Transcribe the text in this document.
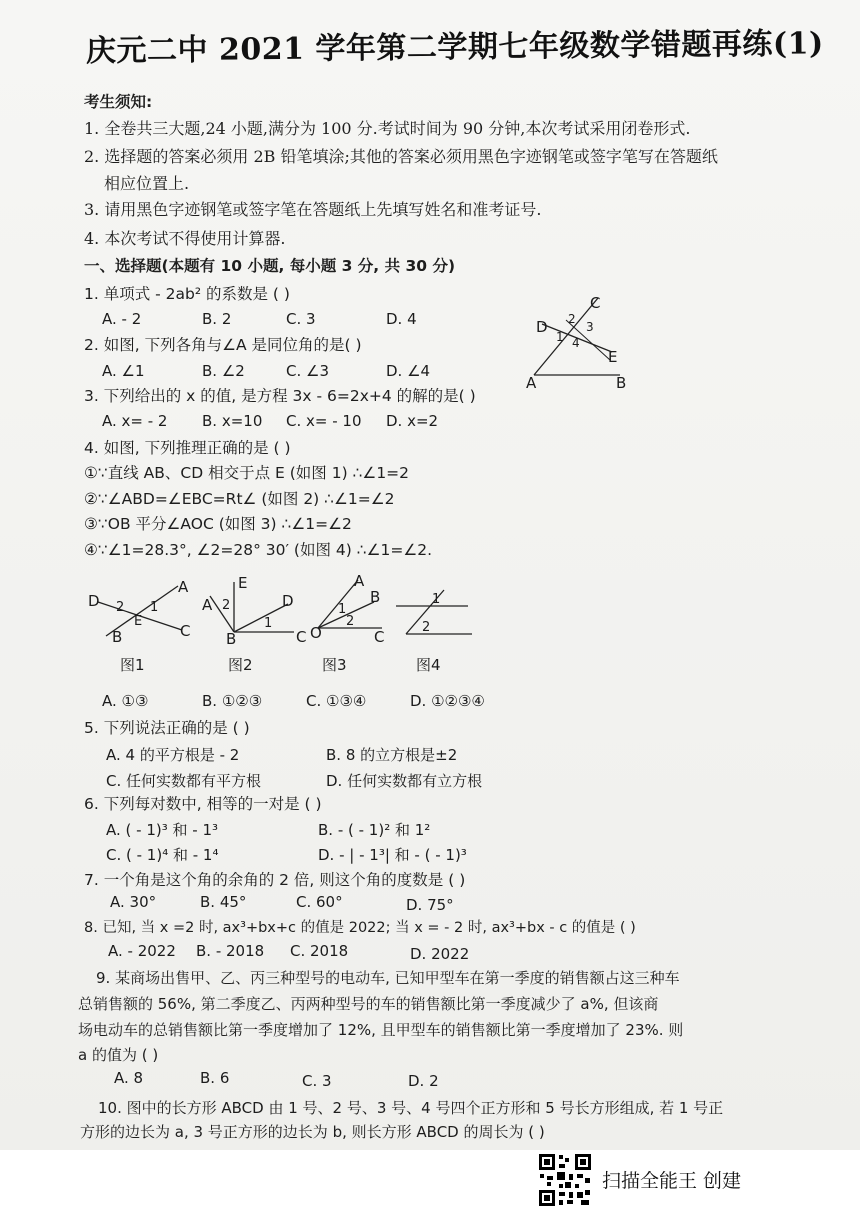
庆元二中 2021 学年第二学期七年级数学错题再练(1)
考生须知:
1. 全卷共三大题,24 小题,满分为 100 分.考试时间为 90 分钟,本次考试采用闭卷形式.
2. 选择题的答案必须用 2B 铅笔填涂;其他的答案必须用黑色字迹钢笔或签字笔写在答题纸
相应位置上.
3. 请用黑色字迹钢笔或签字笔在答题纸上先填写姓名和准考证号.
4. 本次考试不得使用计算器.
一、选择题(本题有 10 小题, 每小题 3 分, 共 30 分)
1. 单项式 - 2ab² 的系数是 ( )
A. - 2	B. 2	C. 3	D. 4
2. 如图, 下列各角与∠A 是同位角的是( )
A. ∠1	B. ∠2	C. ∠3	D. ∠4
C
D 2
3
1 4
E
A	B
3. 下列给出的 x 的值, 是方程 3x - 6=2x+4 的解的是( )
A. x= - 2 B. x=10 C. x= - 10 D. x=2
4. 如图, 下列推理正确的是 ( )
①∵直线 AB、CD 相交于点 E (如图 1) ∴∠1=2
②∵∠ABD=∠EBC=Rt∠ (如图 2) ∴∠1=∠2
③∵OB 平分∠AOC (如图 3) ∴∠1=∠2
④∵∠1=28.3°, ∠2=28° 30′ (如图 4) ∴∠1=∠2.
A
D 2 1
E
B	C
图1
E
A 2	D
1
B	C
图2
A
B
1
2
O	C
图3
1
2
图4
A. ①③	B. ①②③	C. ①③④	D. ①②③④
5. 下列说法正确的是 ( )
A. 4 的平方根是 - 2	B. 8 的立方根是±2
C. 任何实数都有平方根	D. 任何实数都有立方根
6. 下列每对数中, 相等的一对是 ( )
A. ( - 1)³ 和 - 1³	B. - ( - 1)² 和 1²
C. ( - 1)⁴ 和 - 1⁴	D. - | - 1³| 和 - ( - 1)³
7. 一个角是这个角的余角的 2 倍, 则这个角的度数是 ( )
A. 30°	B. 45°	C. 60°	D. 75°
8. 已知, 当 x =2 时, ax³+bx+c 的值是 2022; 当 x = - 2 时, ax³+bx - c 的值是 ( )
A. - 2022 B. - 2018 C. 2018	D. 2022
9. 某商场出售甲、乙、丙三种型号的电动车, 已知甲型车在第一季度的销售额占这三种车
总销售额的 56%, 第二季度乙、丙两种型号的车的销售额比第一季度减少了 a%, 但该商
场电动车的总销售额比第一季度增加了 12%, 且甲型车的销售额比第一季度增加了 23%. 则
a 的值为 ( )
A. 8	B. 6	C. 3	D. 2
10. 图中的长方形 ABCD 由 1 号、2 号、3 号、4 号四个正方形和 5 号长方形组成, 若 1 号正
方形的边长为 a, 3 号正方形的边长为 b, 则长方形 ABCD 的周长为 ( )
扫描全能王 创建
